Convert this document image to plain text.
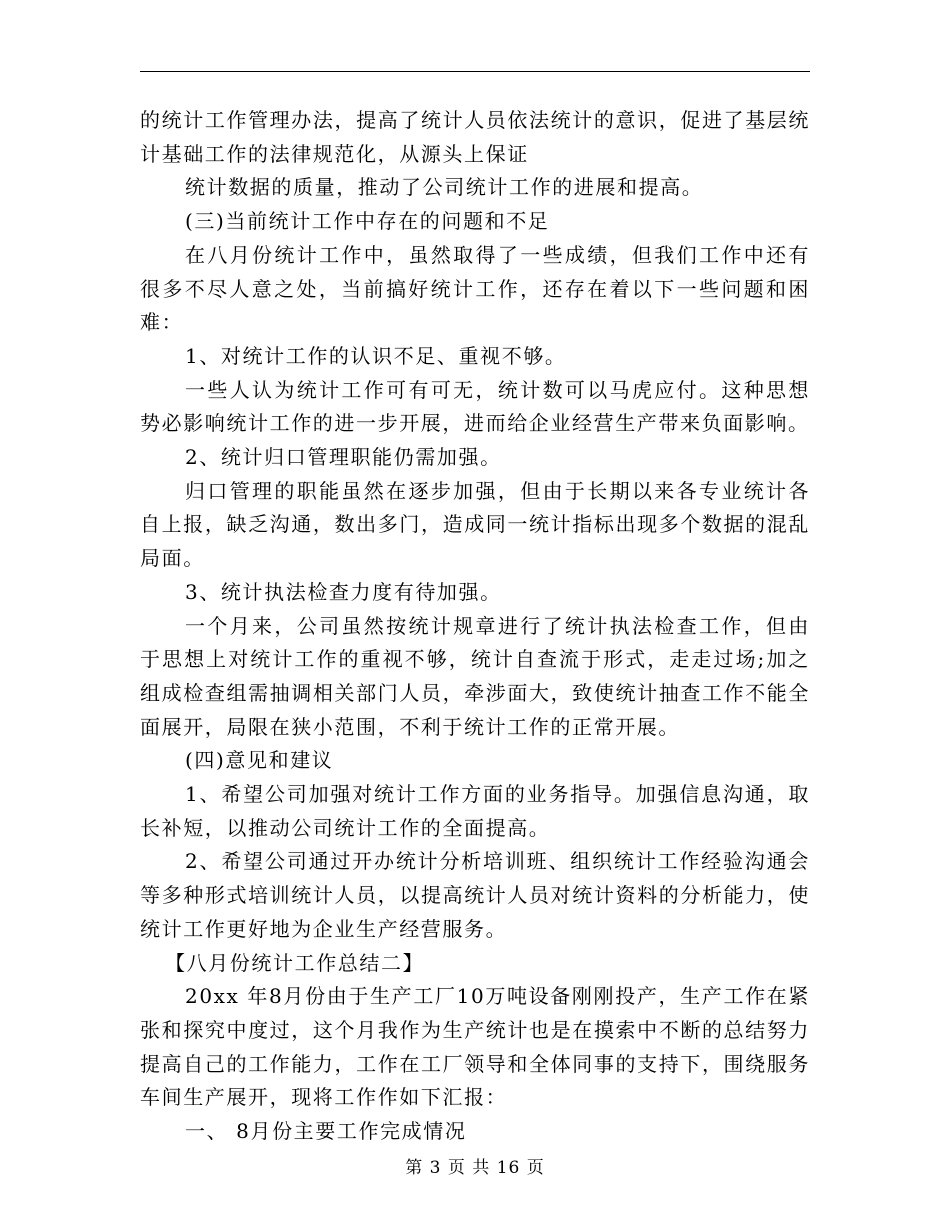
的统计工作管理办法，提高了统计人员依法统计的意识，促进了基层统计基础工作的法律规范化，从源头上保证

统计数据的质量，推动了公司统计工作的进展和提高。

(三)当前统计工作中存在的问题和不足

在八月份统计工作中，虽然取得了一些成绩，但我们工作中还有很多不尽人意之处，当前搞好统计工作，还存在着以下一些问题和困难：

1、对统计工作的认识不足、重视不够。

一些人认为统计工作可有可无，统计数可以马虎应付。这种思想势必影响统计工作的进一步开展，进而给企业经营生产带来负面影响。

2、统计归口管理职能仍需加强。

归口管理的职能虽然在逐步加强，但由于长期以来各专业统计各自上报，缺乏沟通，数出多门，造成同一统计指标出现多个数据的混乱局面。

3、统计执法检查力度有待加强。

一个月来，公司虽然按统计规章进行了统计执法检查工作，但由于思想上对统计工作的重视不够，统计自查流于形式，走走过场;加之组成检查组需抽调相关部门人员，牵涉面大，致使统计抽查工作不能全面展开，局限在狭小范围，不利于统计工作的正常开展。

(四)意见和建议

1、希望公司加强对统计工作方面的业务指导。加强信息沟通，取长补短，以推动公司统计工作的全面提高。

2、希望公司通过开办统计分析培训班、组织统计工作经验沟通会等多种形式培训统计人员，以提高统计人员对统计资料的分析能力，使统计工作更好地为企业生产经营服务。

【八月份统计工作总结二】

20xx 年8月份由于生产工厂10万吨设备刚刚投产，生产工作在紧张和探究中度过，这个月我作为生产统计也是在摸索中不断的总结努力提高自己的工作能力，工作在工厂领导和全体同事的支持下，围绕服务车间生产展开，现将工作作如下汇报：

一、 8月份主要工作完成情况

第 3 页 共 16 页
